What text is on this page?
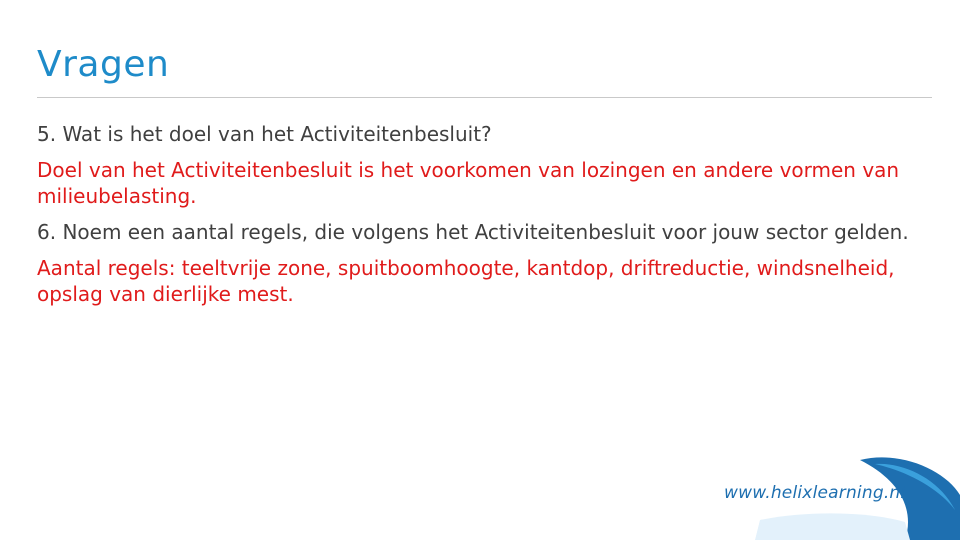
Vragen

5. Wat is het doel van het Activiteitenbesluit?

Doel van het Activiteitenbesluit is het voorkomen van lozingen en andere vormen van milieubelasting.

6. Noem een aantal regels, die volgens het Activiteitenbesluit voor jouw sector gelden.

Aantal regels: teeltvrije zone, spuitboomhoogte, kantdop, driftreductie, windsnelheid, opslag van dierlijke mest.

www.helixlearning.nl
